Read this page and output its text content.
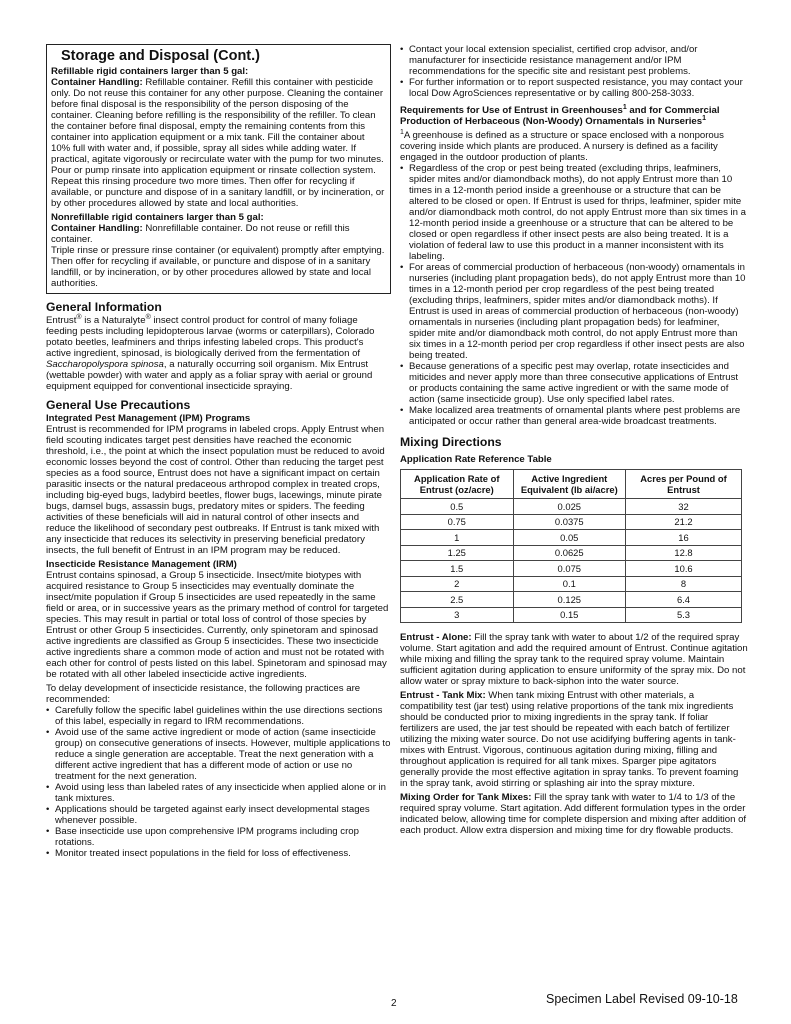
Storage and Disposal (Cont.)

Refillable rigid containers larger than 5 gal:

Container Handling: Refillable container. Refill this container with pesticide only. Do not reuse this container for any other purpose. Cleaning the container before final disposal is the responsibility of the person disposing of the container. Cleaning before refilling is the responsibility of the refiller. To clean the container before final disposal, empty the remaining contents from this container into application equipment or a mix tank. Fill the container about 10% full with water and, if possible, spray all sides while adding water. If practical, agitate vigorously or recirculate water with the pump for two minutes. Pour or pump rinsate into application equipment or rinsate collection system. Repeat this rinsing procedure two more times. Then offer for recycling if available, or puncture and dispose of in a sanitary landfill, or by incineration, or by other procedures allowed by state and local authorities.

Nonrefillable rigid containers larger than 5 gal:

Container Handling: Nonrefillable container. Do not reuse or refill this container.

Triple rinse or pressure rinse container (or equivalent) promptly after emptying. Then offer for recycling if available, or puncture and dispose of in a sanitary landfill, or by incineration, or by other procedures allowed by state and local authorities.

General Information

Entrust® is a Naturalyte® insect control product for control of many foliage feeding pests including lepidopterous larvae (worms or caterpillars), Colorado potato beetles, leafminers and thrips infesting labeled crops. This product's active ingredient, spinosad, is biologically derived from the fermentation of Saccharopolyspora spinosa, a naturally occurring soil organism. Mix Entrust (wettable powder) with water and apply as a foliar spray with aerial or ground equipment equipped for conventional insecticide spraying.

General Use Precautions

Integrated Pest Management (IPM) Programs

Entrust is recommended for IPM programs in labeled crops. Apply Entrust when field scouting indicates target pest densities have reached the economic threshold, i.e., the point at which the insect population must be reduced to avoid economic losses beyond the cost of control. Other than reducing the target pest species as a food source, Entrust does not have a significant impact on certain parasitic insects or the natural predaceous arthropod complex in treated crops, including big-eyed bugs, ladybird beetles, flower bugs, lacewings, minute pirate bugs, damsel bugs, assassin bugs, predatory mites or spiders. The feeding activities of these beneficials will aid in natural control of other insects and reduce the likelihood of secondary pest outbreaks. If Entrust is tank mixed with any insecticide that reduces its selectivity in preserving beneficial predatory insects, the full benefit of Entrust in an IPM program may be reduced.

Insecticide Resistance Management (IRM)

Entrust contains spinosad, a Group 5 insecticide. Insect/mite biotypes with acquired resistance to Group 5 insecticides may eventually dominate the insect/mite population if Group 5 insecticides are used repeatedly in the same field or area, or in successive years as the primary method of control for targeted species. This may result in partial or total loss of control of those species by Entrust or other Group 5 insecticides. Currently, only spinetoram and spinosad active ingredients are classified as Group 5 insecticides. These two insecticide active ingredients share a common mode of action and must not be rotated with each other for control of pests listed on this label. Spinetoram and spinosad may be rotated with all other labeled insecticide active ingredients.

To delay development of insecticide resistance, the following practices are recommended:

• Carefully follow the specific label guidelines within the use directions sections of this label, especially in regard to IRM recommendations.
• Avoid use of the same active ingredient or mode of action (same insecticide group) on consecutive generations of insects. However, multiple applications to reduce a single generation are acceptable. Treat the next generation with a different active ingredient that has a different mode of action or use no treatment for the next generation.
• Avoid using less than labeled rates of any insecticide when applied alone or in tank mixtures.
• Applications should be targeted against early insect developmental stages whenever possible.
• Base insecticide use upon comprehensive IPM programs including crop rotations.
• Monitor treated insect populations in the field for loss of effectiveness.
• Contact your local extension specialist, certified crop advisor, and/or manufacturer for insecticide resistance management and/or IPM recommendations for the specific site and resistant pest problems.
• For further information or to report suspected resistance, you may contact your local Dow AgroSciences representative or by calling 800-258-3033.

Requirements for Use of Entrust in Greenhouses$^1$ and for Commercial Production of Herbaceous (Non-Woody) Ornamentals in Nurseries$^1$

$^1$A greenhouse is defined as a structure or space enclosed with a nonporous covering inside which plants are produced. A nursery is defined as a facility engaged in the outdoor production of plants.

• Regardless of the crop or pest being treated (excluding thrips, leafminers, spider mites and/or diamondback moths), do not apply Entrust more than 10 times in a 12-month period inside a greenhouse or a structure that can be altered to be closed or open. If Entrust is used for thrips, leafminer, spider mite and/or diamondback moth control, do not apply Entrust more than six times in a 12-month period inside a greenhouse or a structure that can be altered to be closed or open regardless if other insect pests are also being treated. It is a violation of federal law to use this product in a manner inconsistent with its labeling.
• For areas of commercial production of herbaceous (non-woody) ornamentals in nurseries (including plant propagation beds), do not apply Entrust more than 10 times in a 12-month period per crop regardless of the pest being treated (excluding thrips, leafminers, spider mites and/or diamondback moths). If Entrust is used in areas of commercial production of herbaceous (non-woody) ornamentals in nurseries (including plant propagation beds) for leafminer, spider mite and/or diamondback moth control, do not apply Entrust more than six times in a 12-month period per crop regardless if other insect pests are also being treated.
• Because generations of a specific pest may overlap, rotate insecticides and miticides and never apply more than three consecutive applications of Entrust or products containing the same active ingredient or with the same mode of action (same insecticide group). Use only specified label rates.
• Make localized area treatments of ornamental plants where pest problems are anticipated or occur rather than general area-wide broadcast treatments.
Mixing Directions

Application Rate Reference Table

Application Rate of Entrust (oz/acre)	Active Ingredient Equivalent (lb ai/acre)	Acres per Pound of Entrust
0.5	0.025	32
0.75	0.0375	21.2
1	0.05	16
1.25	0.0625	12.8
1.5	0.075	10.6
2	0.1	8
2.5	0.125	6.4
3	0.15	5.3

Entrust - Alone: Fill the spray tank with water to about 1/2 of the required spray volume. Start agitation and add the required amount of Entrust. Continue agitation while mixing and filling the spray tank to the required spray volume. Maintain sufficient agitation during application to ensure uniformity of the spray mix. Do not allow water or spray mixture to back-siphon into the water source.

Entrust - Tank Mix: When tank mixing Entrust with other materials, a compatibility test (jar test) using relative proportions of the tank mix ingredients should be conducted prior to mixing ingredients in the spray tank. If foliar fertilizers are used, the jar test should be repeated with each batch of fertilizer utilizing the mixing water source. Do not use acidifying buffering agents in tank-mixes with Entrust. Vigorous, continuous agitation during mixing, filling and throughout application is required for all tank mixes. Sparger pipe agitators generally provide the most effective agitation in spray tanks. To prevent foaming in the spray tank, avoid stirring or splashing air into the spray mixture.

Mixing Order for Tank Mixes: Fill the spray tank with water to 1/4 to 1/3 of the required spray volume. Start agitation. Add different formulation types in the order indicated below, allowing time for complete dispersion and mixing after addition of each product. Allow extra dispersion and mixing time for dry flowable products.

2	Specimen Label Revised 09-10-18
